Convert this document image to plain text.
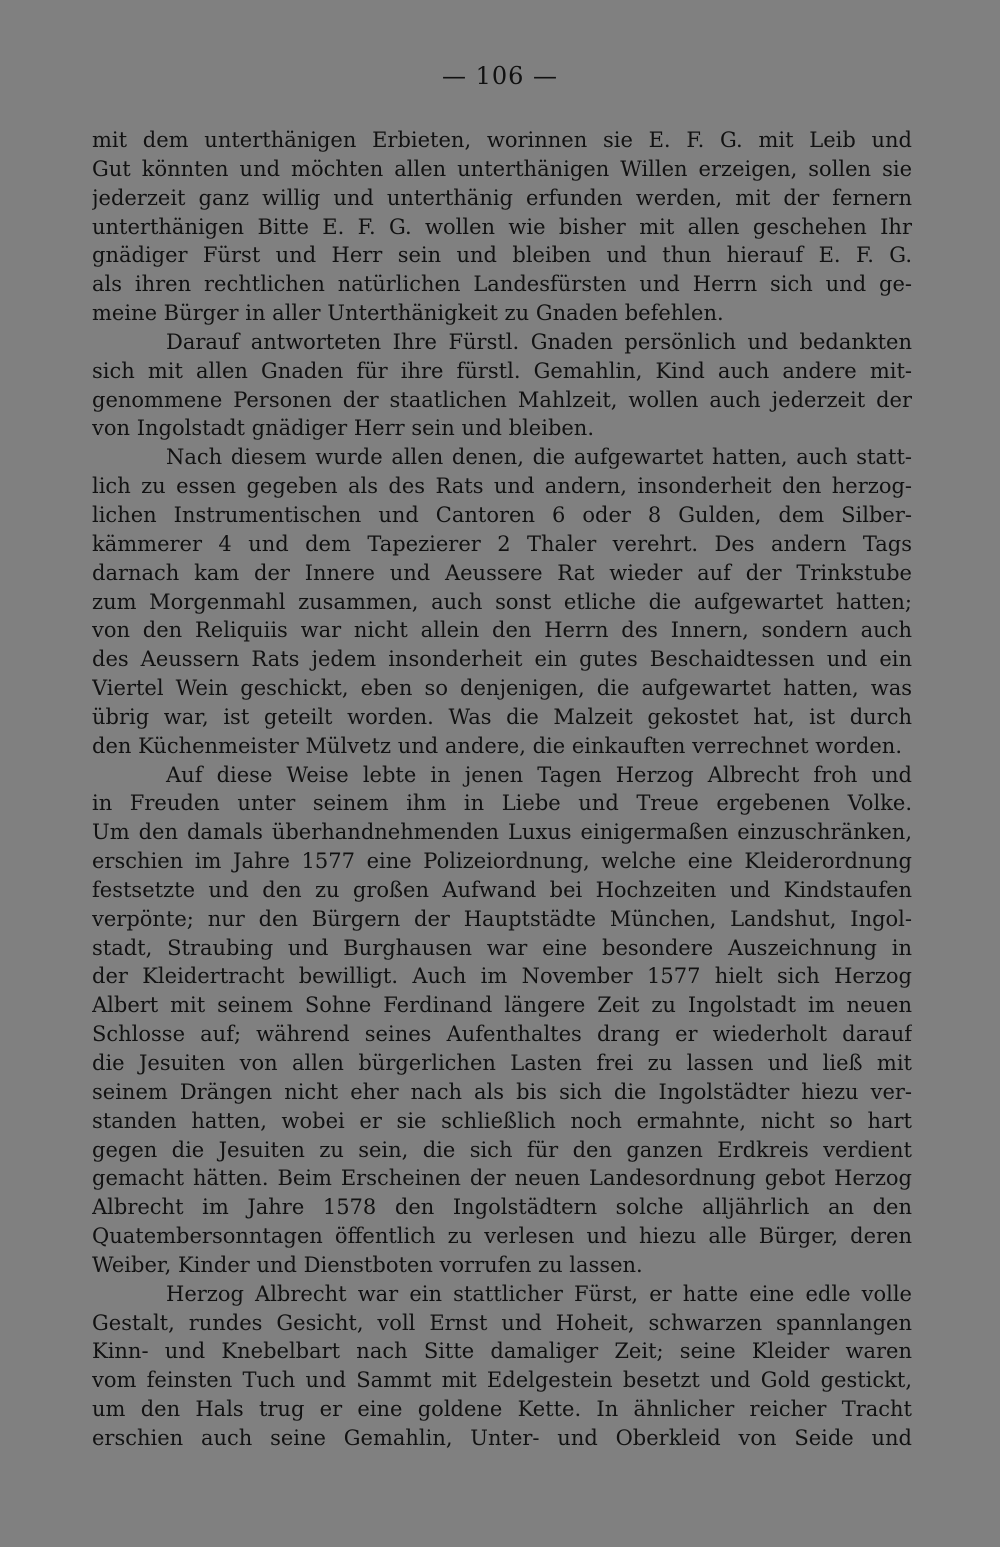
— 106 —
mit dem unterthänigen Erbieten, worinnen sie E. F. G. mit Leib und
Gut könnten und möchten allen unterthänigen Willen erzeigen, sollen sie
jederzeit ganz willig und unterthänig erfunden werden, mit der fernern
unterthänigen Bitte E. F. G. wollen wie bisher mit allen geschehen Ihr
gnädiger Fürst und Herr sein und bleiben und thun hierauf E. F. G.
als ihren rechtlichen natürlichen Landesfürsten und Herrn sich und ge-
meine Bürger in aller Unterthänigkeit zu Gnaden befehlen.
Darauf antworteten Ihre Fürstl. Gnaden persönlich und bedankten
sich mit allen Gnaden für ihre fürstl. Gemahlin, Kind auch andere mit-
genommene Personen der staatlichen Mahlzeit, wollen auch jederzeit der
von Ingolstadt gnädiger Herr sein und bleiben.
Nach diesem wurde allen denen, die aufgewartet hatten, auch statt-
lich zu essen gegeben als des Rats und andern, insonderheit den herzog-
lichen Instrumentischen und Cantoren 6 oder 8 Gulden, dem Silber-
kämmerer 4 und dem Tapezierer 2 Thaler verehrt. Des andern Tags
darnach kam der Innere und Aeussere Rat wieder auf der Trinkstube
zum Morgenmahl zusammen, auch sonst etliche die aufgewartet hatten;
von den Reliquiis war nicht allein den Herrn des Innern, sondern auch
des Aeussern Rats jedem insonderheit ein gutes Beschaidtessen und ein
Viertel Wein geschickt, eben so denjenigen, die aufgewartet hatten, was
übrig war, ist geteilt worden. Was die Malzeit gekostet hat, ist durch
den Küchenmeister Mülvetz und andere, die einkauften verrechnet worden.
Auf diese Weise lebte in jenen Tagen Herzog Albrecht froh und
in Freuden unter seinem ihm in Liebe und Treue ergebenen Volke.
Um den damals überhandnehmenden Luxus einigermaßen einzuschränken,
erschien im Jahre 1577 eine Polizeiordnung, welche eine Kleiderordnung
festsetzte und den zu großen Aufwand bei Hochzeiten und Kindstaufen
verpönte; nur den Bürgern der Hauptstädte München, Landshut, Ingol-
stadt, Straubing und Burghausen war eine besondere Auszeichnung in
der Kleidertracht bewilligt. Auch im November 1577 hielt sich Herzog
Albert mit seinem Sohne Ferdinand längere Zeit zu Ingolstadt im neuen
Schlosse auf; während seines Aufenthaltes drang er wiederholt darauf
die Jesuiten von allen bürgerlichen Lasten frei zu lassen und ließ mit
seinem Drängen nicht eher nach als bis sich die Ingolstädter hiezu ver-
standen hatten, wobei er sie schließlich noch ermahnte, nicht so hart
gegen die Jesuiten zu sein, die sich für den ganzen Erdkreis verdient
gemacht hätten. Beim Erscheinen der neuen Landesordnung gebot Herzog
Albrecht im Jahre 1578 den Ingolstädtern solche alljährlich an den
Quatembersonntagen öffentlich zu verlesen und hiezu alle Bürger, deren
Weiber, Kinder und Dienstboten vorrufen zu lassen.
Herzog Albrecht war ein stattlicher Fürst, er hatte eine edle volle
Gestalt, rundes Gesicht, voll Ernst und Hoheit, schwarzen spannlangen
Kinn- und Knebelbart nach Sitte damaliger Zeit; seine Kleider waren
vom feinsten Tuch und Sammt mit Edelgestein besetzt und Gold gestickt,
um den Hals trug er eine goldene Kette. In ähnlicher reicher Tracht
erschien auch seine Gemahlin, Unter- und Oberkleid von Seide und
